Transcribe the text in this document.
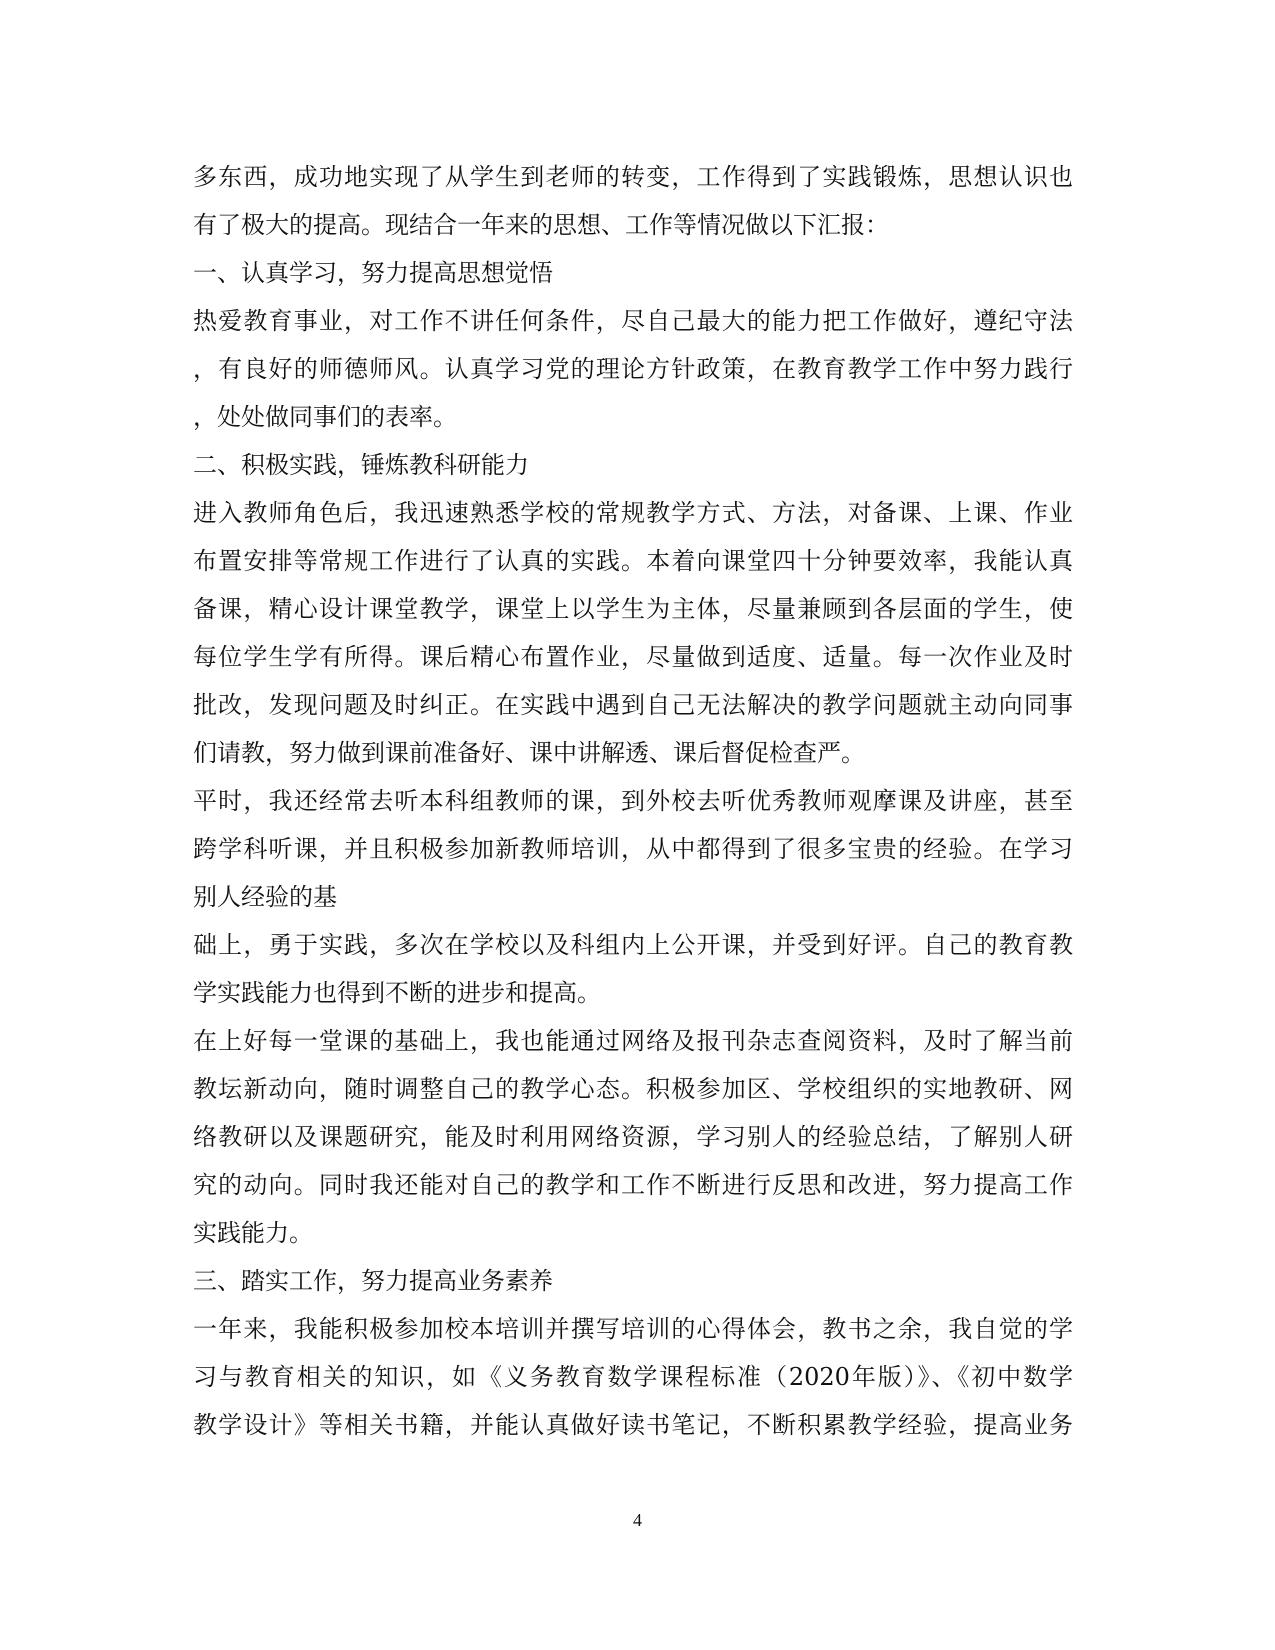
多东西，成功地实现了从学生到老师的转变，工作得到了实践锻炼，思想认识也
有了极大的提高。现结合一年来的思想、工作等情况做以下汇报：
一、认真学习，努力提高思想觉悟
热爱教育事业，对工作不讲任何条件，尽自己最大的能力把工作做好，遵纪守法
，有良好的师德师风。认真学习党的理论方针政策，在教育教学工作中努力践行
，处处做同事们的表率。
二、积极实践，锤炼教科研能力
进入教师角色后，我迅速熟悉学校的常规教学方式、方法，对备课、上课、作业
布置安排等常规工作进行了认真的实践。本着向课堂四十分钟要效率，我能认真
备课，精心设计课堂教学，课堂上以学生为主体，尽量兼顾到各层面的学生，使
每位学生学有所得。课后精心布置作业，尽量做到适度、适量。每一次作业及时
批改，发现问题及时纠正。在实践中遇到自己无法解决的教学问题就主动向同事
们请教，努力做到课前准备好、课中讲解透、课后督促检查严。
平时，我还经常去听本科组教师的课，到外校去听优秀教师观摩课及讲座，甚至
跨学科听课，并且积极参加新教师培训，从中都得到了很多宝贵的经验。在学习
别人经验的基
础上，勇于实践，多次在学校以及科组内上公开课，并受到好评。自己的教育教
学实践能力也得到不断的进步和提高。
在上好每一堂课的基础上，我也能通过网络及报刊杂志查阅资料，及时了解当前
教坛新动向，随时调整自己的教学心态。积极参加区、学校组织的实地教研、网
络教研以及课题研究，能及时利用网络资源，学习别人的经验总结，了解别人研
究的动向。同时我还能对自己的教学和工作不断进行反思和改进，努力提高工作
实践能力。
三、踏实工作，努力提高业务素养
一年来，我能积极参加校本培训并撰写培训的心得体会，教书之余，我自觉的学
习与教育相关的知识，如《义务教育数学课程标准（2020年版）》、《初中数学
教学设计》等相关书籍，并能认真做好读书笔记，不断积累教学经验，提高业务
4
